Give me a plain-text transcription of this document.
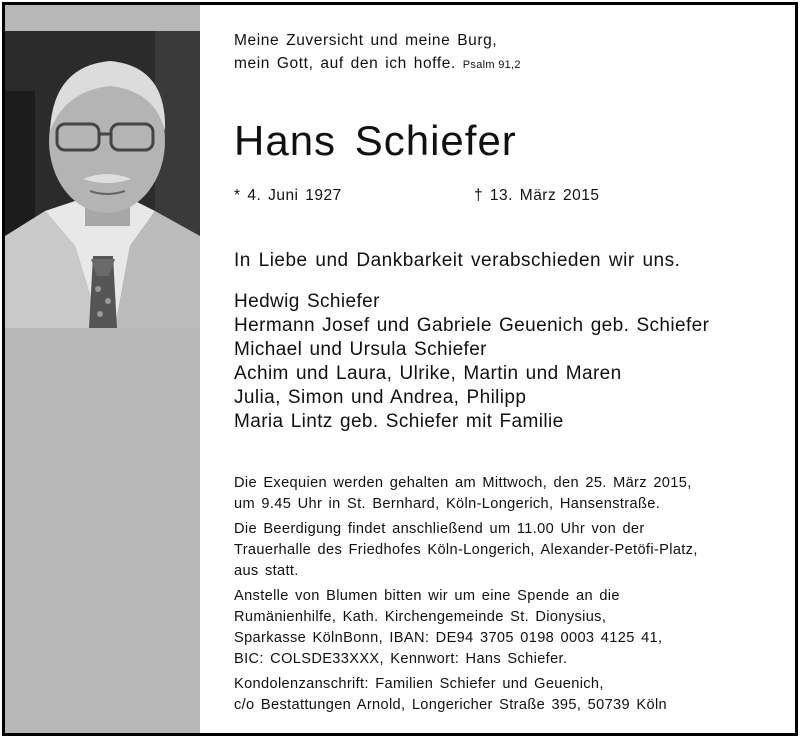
Meine Zuversicht und meine Burg,
mein Gott, auf den ich hoffe. Psalm 91,2
Hans Schiefer
* 4. Juni 1927	† 13. März 2015
In Liebe und Dankbarkeit verabschieden wir uns.
Hedwig Schiefer
Hermann Josef und Gabriele Geuenich geb. Schiefer
Michael und Ursula Schiefer
Achim und Laura, Ulrike, Martin und Maren
Julia, Simon und Andrea, Philipp
Maria Lintz geb. Schiefer mit Familie

Die Exequien werden gehalten am Mittwoch, den 25. März 2015,
um 9.45 Uhr in St. Bernhard, Köln-Longerich, Hansenstraße.

Die Beerdigung findet anschließend um 11.00 Uhr von der
Trauerhalle des Friedhofes Köln-Longerich, Alexander-Petöfi-Platz,
aus statt.

Anstelle von Blumen bitten wir um eine Spende an die
Rumänienhilfe, Kath. Kirchengemeinde St. Dionysius,
Sparkasse KölnBonn, IBAN: DE94 3705 0198 0003 4125 41,
BIC: COLSDE33XXX, Kennwort: Hans Schiefer.

Kondolenzanschrift: Familien Schiefer und Geuenich,
c/o Bestattungen Arnold, Longericher Straße 395, 50739 Köln
